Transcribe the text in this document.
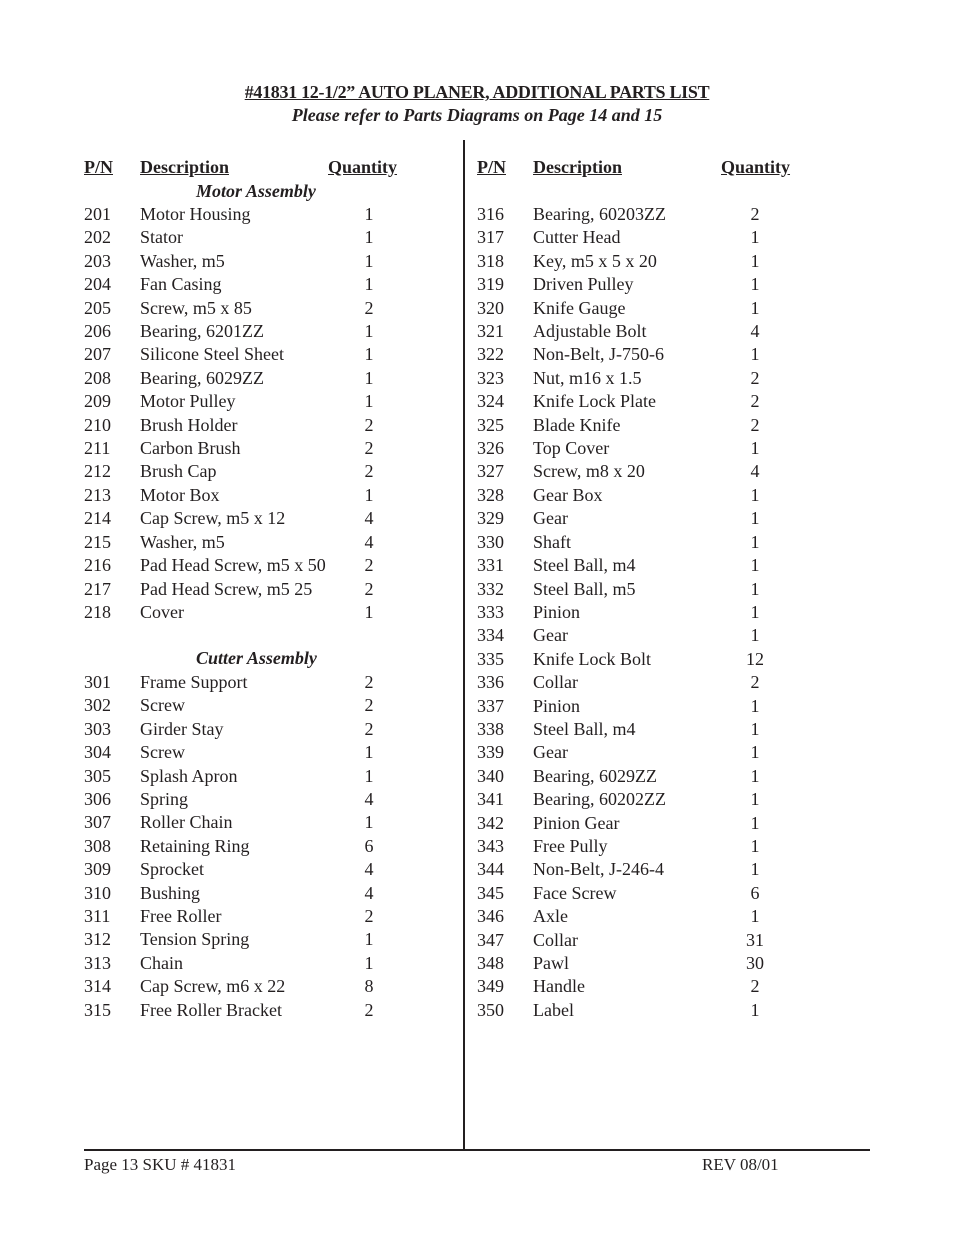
#41831 12-1/2” AUTO PLANER, ADDITIONAL PARTS LIST
Please refer to Parts Diagrams on Page 14 and 15
P/N Description	Quantity	P/N Description	Quantity
Motor Assembly
201 Motor Housing	1
202 Stator	1
203 Washer, m5	1
204 Fan Casing	1
205 Screw, m5 x 85	2
206 Bearing, 6201ZZ	1
207 Silicone Steel Sheet	1
208 Bearing, 6029ZZ	1
209 Motor Pulley	1
210 Brush Holder	2
211 Carbon Brush	2
212 Brush Cap	2
213 Motor Box	1
214 Cap Screw, m5 x 12	4
215 Washer, m5	4
216 Pad Head Screw, m5 x 50	2
217 Pad Head Screw, m5 25	2
218 Cover	1
Cutter Assembly
301 Frame Support	2
302 Screw	2
303 Girder Stay	2
304 Screw	1
305 Splash Apron	1
306 Spring	4
307 Roller Chain	1
308 Retaining Ring	6
309 Sprocket	4
310 Bushing	4
311 Free Roller	2
312 Tension Spring	1
313 Chain	1
314 Cap Screw, m6 x 22	8
315 Free Roller Bracket	2
316 Bearing, 60203ZZ	2
317 Cutter Head	1
318 Key, m5 x 5 x 20	1
319 Driven Pulley	1
320 Knife Gauge	1
321 Adjustable Bolt	4
322 Non-Belt, J-750-6	1
323 Nut, m16 x 1.5	2
324 Knife Lock Plate	2
325 Blade Knife	2
326 Top Cover	1
327 Screw, m8 x 20	4
328 Gear Box	1
329 Gear	1
330 Shaft	1
331 Steel Ball, m4	1
332 Steel Ball, m5	1
333 Pinion	1
334 Gear	1
335 Knife Lock Bolt	12
336 Collar	2
337 Pinion	1
338 Steel Ball, m4	1
339 Gear	1
340 Bearing, 6029ZZ	1
341 Bearing, 60202ZZ	1
342 Pinion Gear	1
343 Free Pully	1
344 Non-Belt, J-246-4	1
345 Face Screw	6
346 Axle	1
347 Collar	31
348 Pawl	30
349 Handle	2
350 Label	1
Page 13 SKU # 41831	REV 08/01
